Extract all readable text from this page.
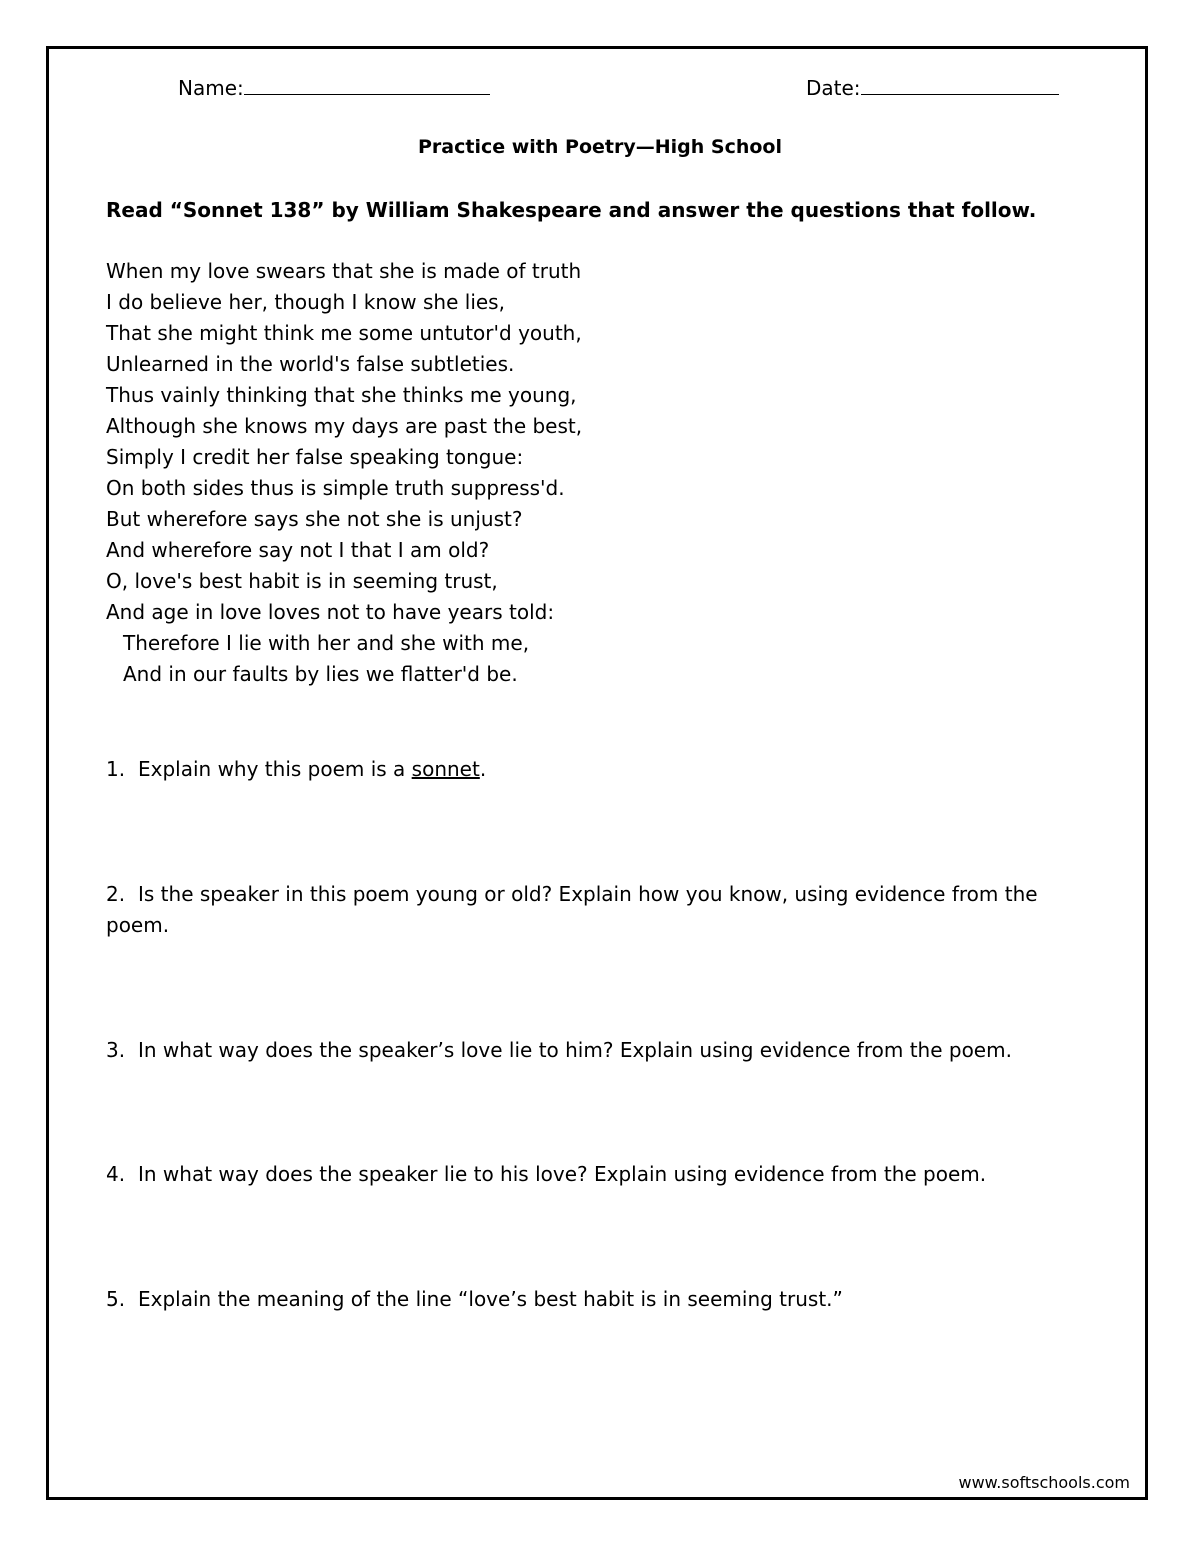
Name:	Date:
Practice with Poetry—High School
Read “Sonnet 138” by William Shakespeare and answer the questions that follow.
When my love swears that she is made of truth
I do believe her, though I know she lies,
That she might think me some untutor'd youth,
Unlearned in the world's false subtleties.
Thus vainly thinking that she thinks me young,
Although she knows my days are past the best,
Simply I credit her false speaking tongue:
On both sides thus is simple truth suppress'd.
But wherefore says she not she is unjust?
And wherefore say not I that I am old?
O, love's best habit is in seeming trust,
And age in love loves not to have years told:
Therefore I lie with her and she with me,
And in our faults by lies we flatter'd be.
1. Explain why this poem is a sonnet.
2. Is the speaker in this poem young or old? Explain how you know, using evidence from the
poem.
3. In what way does the speaker’s love lie to him? Explain using evidence from the poem.
4. In what way does the speaker lie to his love? Explain using evidence from the poem.
5. Explain the meaning of the line “love’s best habit is in seeming trust.”
www.softschools.com
